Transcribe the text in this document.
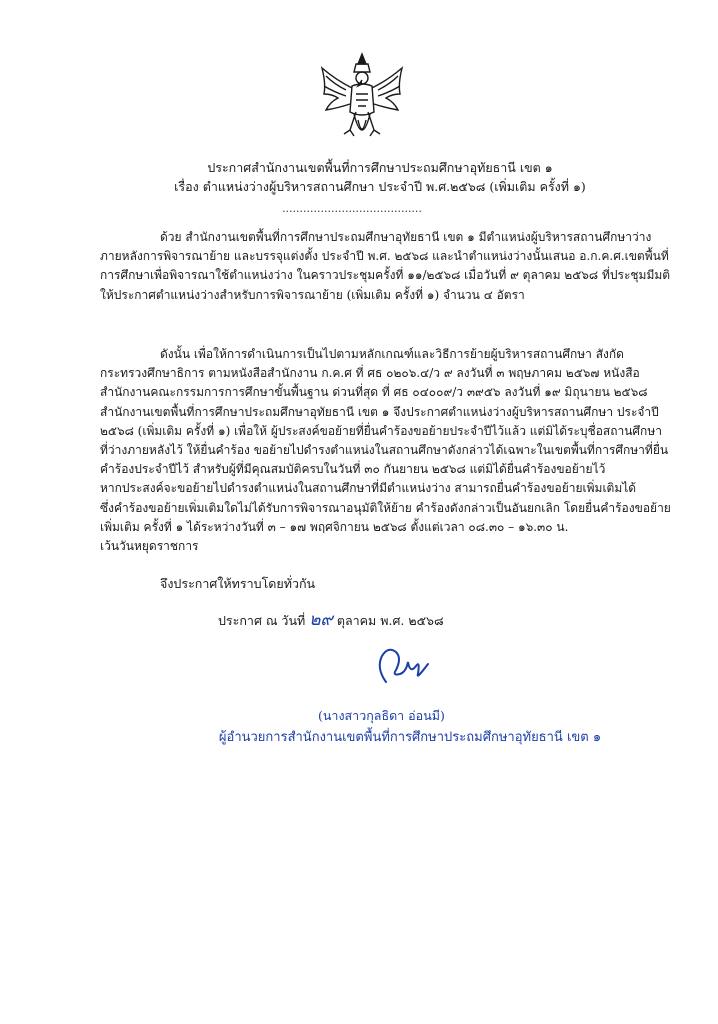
ประกาศสำนักงานเขตพื้นที่การศึกษาประถมศึกษาอุทัยธานี เขต ๑
เรื่อง ตำแหน่งว่างผู้บริหารสถานศึกษา ประจำปี พ.ศ.๒๕๖๘ (เพิ่มเติม ครั้งที่ ๑)
........................................

ด้วย สำนักงานเขตพื้นที่การศึกษาประถมศึกษาอุทัยธานี เขต ๑ มีตำแหน่งผู้บริหารสถานศึกษาว่าง

ภายหลังการพิจารณาย้าย และบรรจุแต่งตั้ง ประจำปี พ.ศ. ๒๕๖๘ และนำตำแหน่งว่างนั้นเสนอ อ.ก.ค.ศ.เขตพื้นที่

การศึกษาเพื่อพิจารณาใช้ตำแหน่งว่าง ในคราวประชุมครั้งที่ ๑๑/๒๕๖๘ เมื่อวันที่ ๙ ตุลาคม ๒๕๖๘ ที่ประชุมมีมติ

ให้ประกาศตำแหน่งว่างสำหรับการพิจารณาย้าย (เพิ่มเติม ครั้งที่ ๑) จำนวน ๔ อัตรา

ดังนั้น เพื่อให้การดำเนินการเป็นไปตามหลักเกณฑ์และวิธีการย้ายผู้บริหารสถานศึกษา สังกัด

กระทรวงศึกษาธิการ ตามหนังสือสำนักงาน ก.ค.ศ ที่ ศธ ๐๒๐๖.๔/ว ๙ ลงวันที่ ๓ พฤษภาคม ๒๕๖๗ หนังสือ

สำนักงานคณะกรรมการการศึกษาขั้นพื้นฐาน ด่วนที่สุด ที่ ศธ ๐๔๐๐๙/ว ๓๙๕๖ ลงวันที่ ๑๙ มิถุนายน ๒๕๖๘

สำนักงานเขตพื้นที่การศึกษาประถมศึกษาอุทัยธานี เขต ๑ จึงประกาศตำแหน่งว่างผู้บริหารสถานศึกษา ประจำปี

๒๕๖๘ (เพิ่มเติม ครั้งที่ ๑) เพื่อให้ ผู้ประสงค์ขอย้ายที่ยื่นคำร้องขอย้ายประจำปีไว้แล้ว แต่มิได้ระบุชื่อสถานศึกษา

ที่ว่างภายหลังไว้ ให้ยื่นคำร้อง ขอย้ายไปดำรงตำแหน่งในสถานศึกษาดังกล่าวได้เฉพาะในเขตพื้นที่การศึกษาที่ยื่น

คำร้องประจำปีไว้ สำหรับผู้ที่มีคุณสมบัติครบในวันที่ ๓๐ กันยายน ๒๕๖๘ แต่มิได้ยื่นคำร้องขอย้ายไว้

หากประสงค์จะขอย้ายไปดำรงตำแหน่งในสถานศึกษาที่มีตำแหน่งว่าง สามารถยื่นคำร้องขอย้ายเพิ่มเติมได้

ซึ่งคำร้องขอย้ายเพิ่มเติมใดไม่ได้รับการพิจารณาอนุมัติให้ย้าย คำร้องดังกล่าวเป็นอันยกเลิก โดยยื่นคำร้องขอย้าย

เพิ่มเติม ครั้งที่ ๑ ได้ระหว่างวันที่ ๓ – ๑๗ พฤศจิกายน ๒๕๖๘ ตั้งแต่เวลา ๐๘.๓๐ – ๑๖.๓๐ น.

เว้นวันหยุดราชการ

จึงประกาศให้ทราบโดยทั่วกัน
ประกาศ ณ วันที่ ๒๙ ตุลาคม พ.ศ. ๒๕๖๘
(นางสาวกุลธิดา อ่อนมี)
ผู้อำนวยการสำนักงานเขตพื้นที่การศึกษาประถมศึกษาอุทัยธานี เขต ๑
